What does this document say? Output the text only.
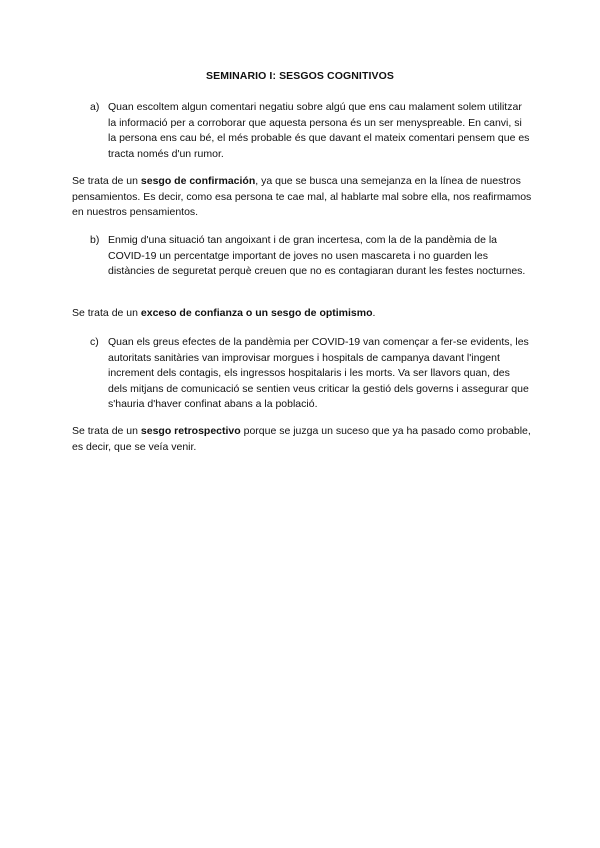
SEMINARIO I: SESGOS COGNITIVOS
a) Quan escoltem algun comentari negatiu sobre algú que ens cau malament solem utilitzar la informació per a corroborar que aquesta persona és un ser menyspreable. En canvi, si la persona ens cau bé, el més probable és que davant el mateix comentari pensem que es tracta només d'un rumor.
Se trata de un sesgo de confirmación, ya que se busca una semejanza en la línea de nuestros pensamientos. Es decir, como esa persona te cae mal, al hablarte mal sobre ella, nos reafirmamos en nuestros pensamientos.
b) Enmig d'una situació tan angoixant i de gran incertesa, com la de la pandèmia de la COVID-19 un percentatge important de joves no usen mascareta i no guarden les distàncies de seguretat perquè creuen que no es contagiaran durant les festes nocturnes.
Se trata de un exceso de confianza o un sesgo de optimismo.
c) Quan els greus efectes de la pandèmia per COVID-19 van començar a fer-se evidents, les autoritats sanitàries van improvisar morgues i hospitals de campanya davant l'ingent increment dels contagis, els ingressos hospitalaris i les morts. Va ser llavors quan, des dels mitjans de comunicació se sentien veus criticar la gestió dels governs i assegurar que s'hauria d'haver confinat abans a la població.
Se trata de un sesgo retrospectivo porque se juzga un suceso que ya ha pasado como probable, es decir, que se veía venir.
